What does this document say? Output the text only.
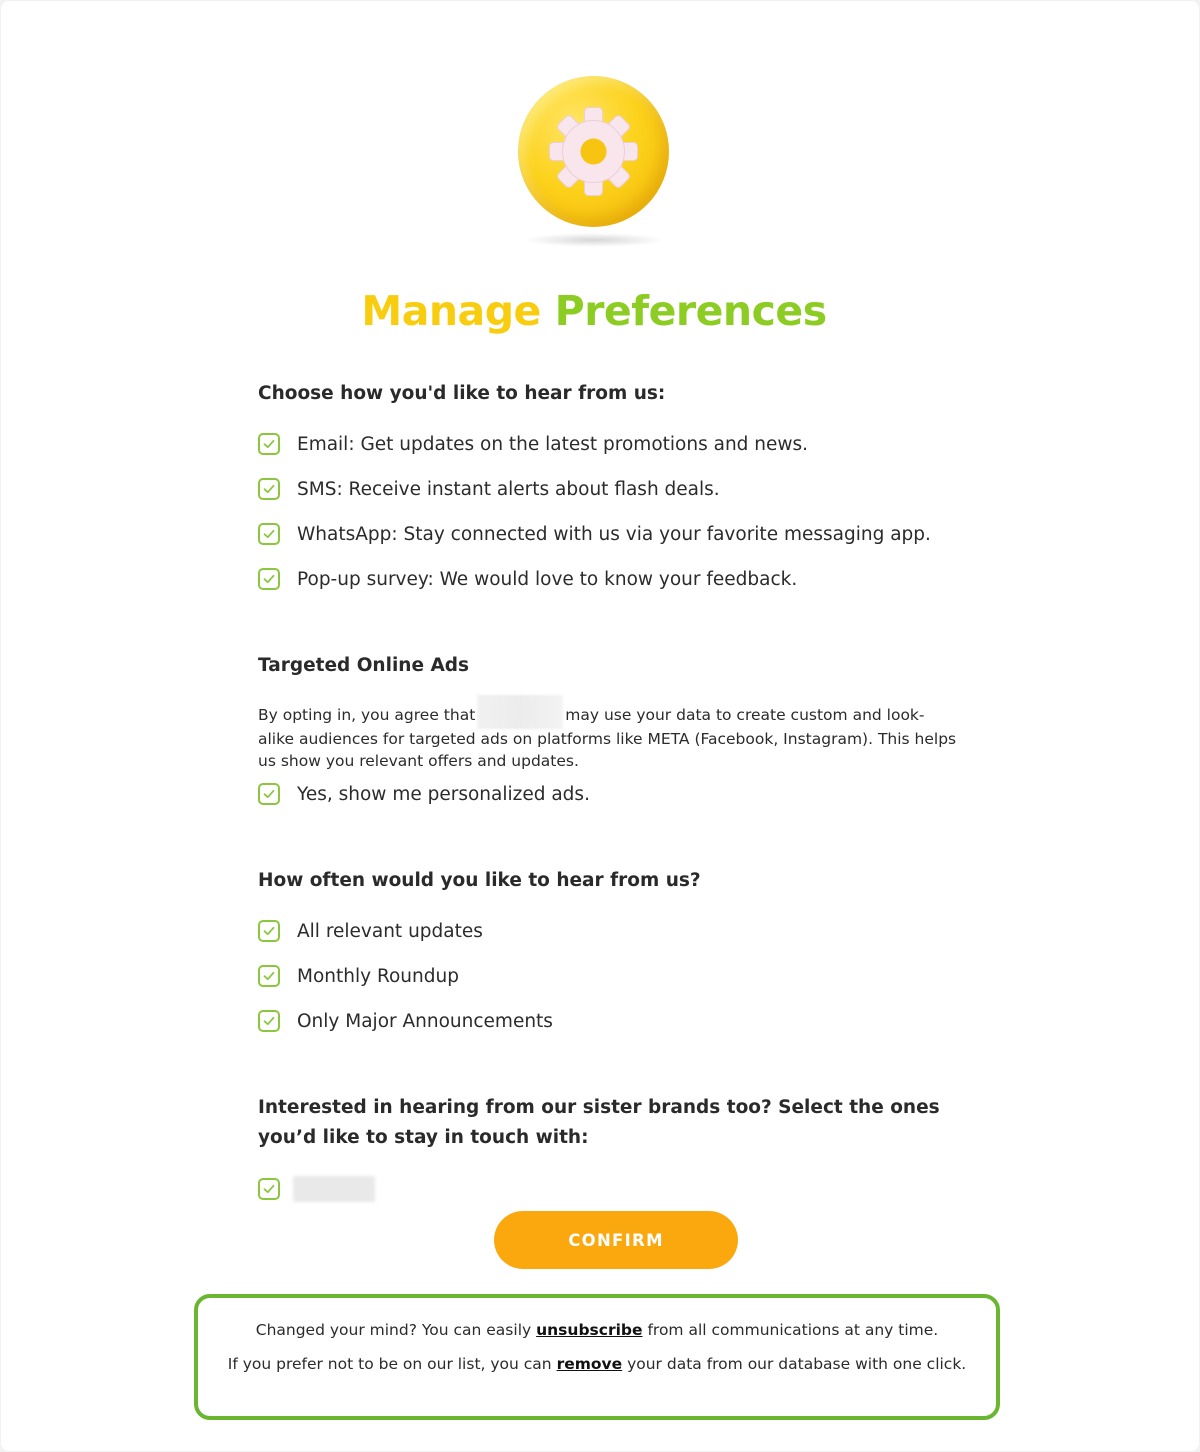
Manage Preferences
Choose how you'd like to hear from us:
Email: Get updates on the latest promotions and news.
SMS: Receive instant alerts about flash deals.
WhatsApp: Stay connected with us via your favorite messaging app.
Pop-up survey: We would love to know your feedback.
Targeted Online Ads

By opting in, you agree that	may use your data to create custom and look-alike audiences for targeted ads on platforms like META (Facebook, Instagram). This helps us show you relevant offers and updates.

Yes, show me personalized ads.
How often would you like to hear from us?
All relevant updates
Monthly Roundup
Only Major Announcements
Interested in hearing from our sister brands too? Select the ones you’d like to stay in touch with:
CONFIRM

Changed your mind? You can easily unsubscribe from all communications at any time.

If you prefer not to be on our list, you can remove your data from our database with one click.
